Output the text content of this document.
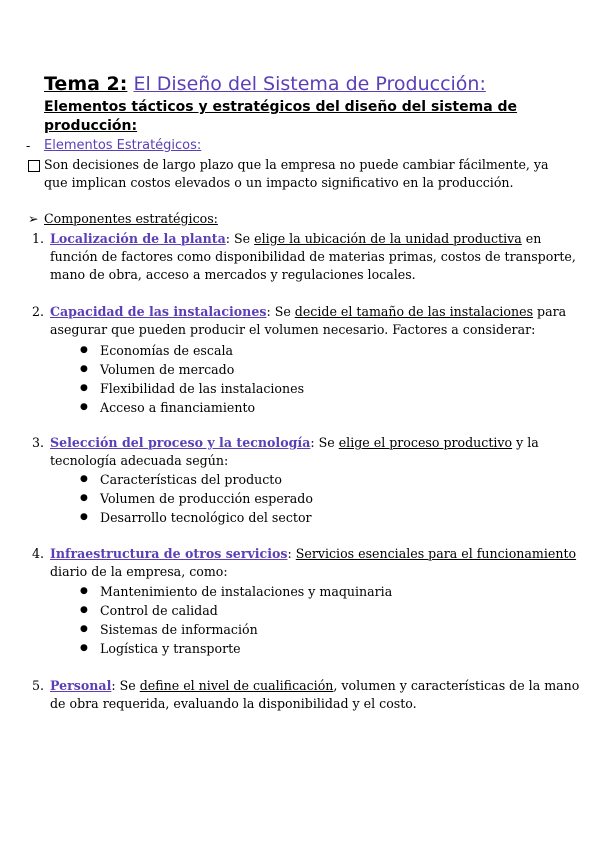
Tema 2: El Diseño del Sistema de Producción:
Elementos tácticos y estratégicos del diseño del sistema de producción:
- Elementos Estratégicos:
Son decisiones de largo plazo que la empresa no puede cambiar fácilmente, ya que implican costos elevados o un impacto significativo en la producción.
➢ Componentes estratégicos:
1. Localización de la planta: Se elige la ubicación de la unidad productiva en función de factores como disponibilidad de materias primas, costos de transporte, mano de obra, acceso a mercados y regulaciones locales.
2. Capacidad de las instalaciones: Se decide el tamaño de las instalaciones para asegurar que pueden producir el volumen necesario. Factores a considerar:
● Economías de escala
● Volumen de mercado
● Flexibilidad de las instalaciones
● Acceso a financiamiento
3. Selección del proceso y la tecnología: Se elige el proceso productivo y la tecnología adecuada según:
● Características del producto
● Volumen de producción esperado
● Desarrollo tecnológico del sector
4. Infraestructura de otros servicios: Servicios esenciales para el funcionamiento diario de la empresa, como:
● Mantenimiento de instalaciones y maquinaria
● Control de calidad
● Sistemas de información
● Logística y transporte
5. Personal: Se define el nivel de cualificación, volumen y características de la mano de obra requerida, evaluando la disponibilidad y el costo.
